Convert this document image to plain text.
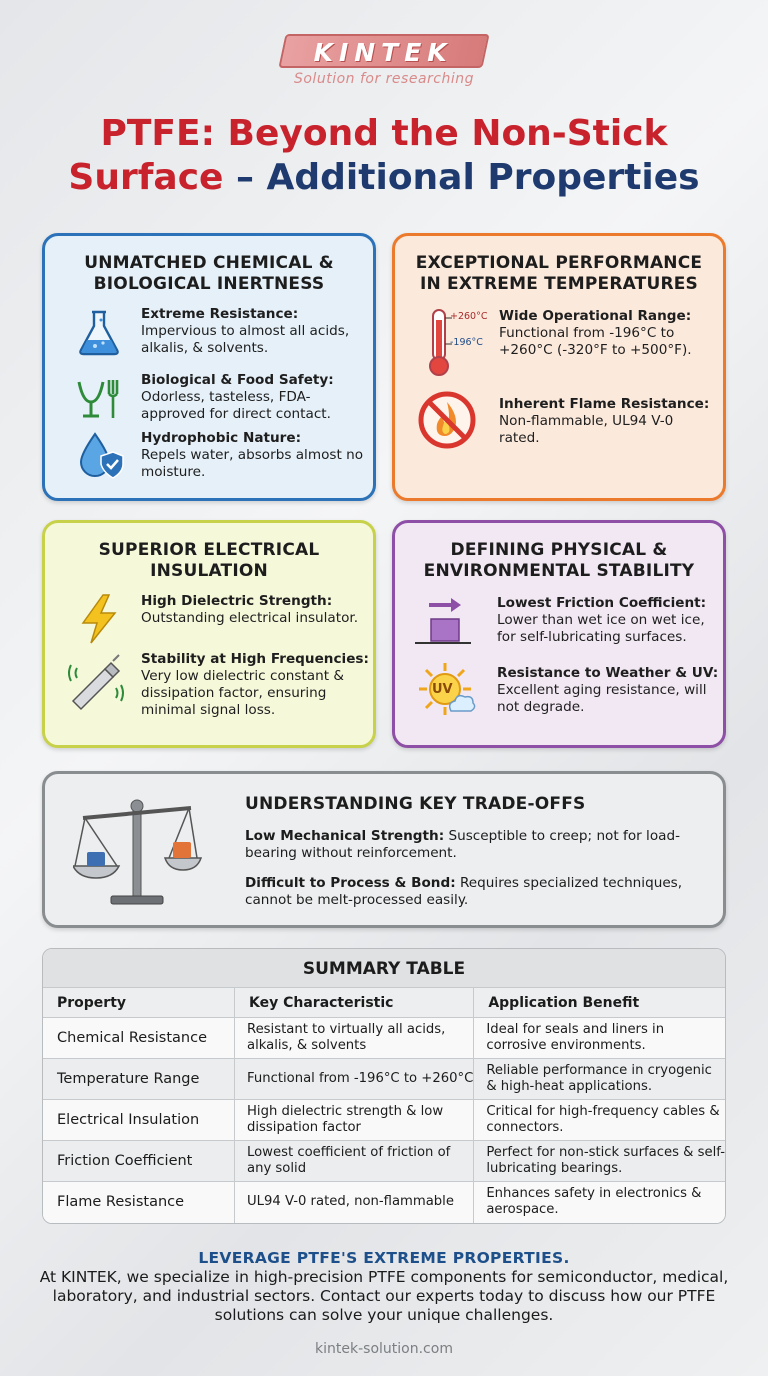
KINTEK
Solution for researching
PTFE: Beyond the Non-Stick
Surface – Additional Properties
UNMATCHED CHEMICAL & BIOLOGICAL INERTNESS
Extreme Resistance:
Impervious to almost all acids, alkalis, & solvents.
Biological & Food Safety:
Odorless, tasteless, FDA-approved for direct contact.
Hydrophobic Nature:
Repels water, absorbs almost no moisture.
EXCEPTIONAL PERFORMANCE IN EXTREME TEMPERATURES
+260°C
-196°C
Wide Operational Range:
Functional from -196°C to +260°C (-320°F to +500°F).
Inherent Flame Resistance:
Non-flammable, UL94 V-0 rated.
SUPERIOR ELECTRICAL INSULATION
High Dielectric Strength:
Outstanding electrical insulator.
Stability at High Frequencies:
Very low dielectric constant & dissipation factor, ensuring minimal signal loss.
DEFINING PHYSICAL & ENVIRONMENTAL STABILITY
Lowest Friction Coefficient:
Lower than wet ice on wet ice, for self-lubricating surfaces.
UV
Resistance to Weather & UV:
Excellent aging resistance, will not degrade.
UNDERSTANDING KEY TRADE-OFFS
Low Mechanical Strength: Susceptible to creep; not for load-bearing without reinforcement.
Difficult to Process & Bond: Requires specialized techniques, cannot be melt-processed easily.
SUMMARY TABLE
Property	Key Characteristic	Application Benefit
Chemical Resistance	Resistant to virtually all acids, alkalis, & solvents	Ideal for seals and liners in corrosive environments.
Temperature Range	Functional from -196°C to +260°C	Reliable performance in cryogenic & high-heat applications.
Electrical Insulation	High dielectric strength & low dissipation factor	Critical for high-frequency cables & connectors.
Friction Coefficient	Lowest coefficient of friction of any solid	Perfect for non-stick surfaces & self-lubricating bearings.
Flame Resistance	UL94 V-0 rated, non-flammable	Enhances safety in electronics & aerospace.
LEVERAGE PTFE'S EXTREME PROPERTIES.
At KINTEK, we specialize in high-precision PTFE components for semiconductor, medical, laboratory, and industrial sectors. Contact our experts today to discuss how our PTFE solutions can solve your unique challenges.
kintek-solution.com
